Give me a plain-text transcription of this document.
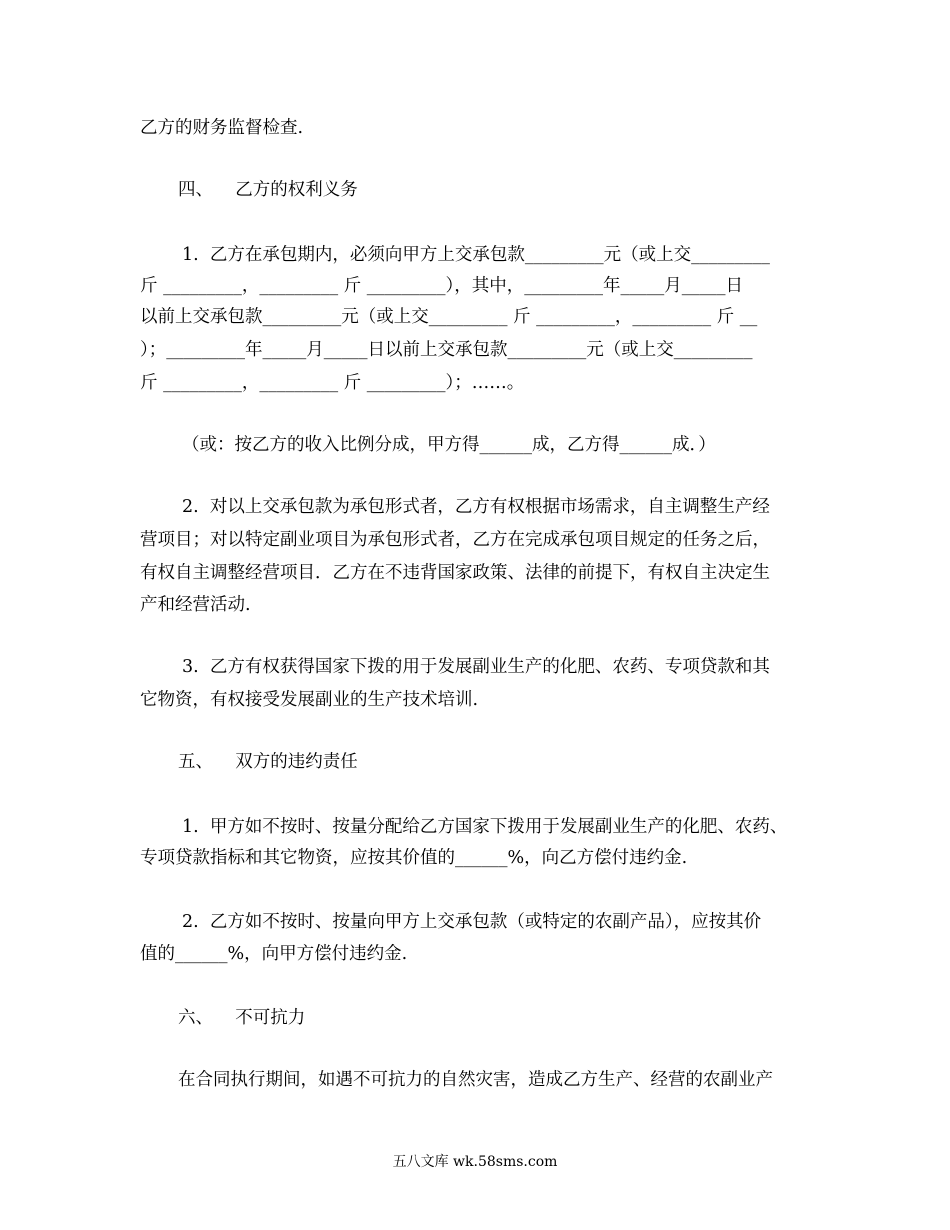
乙方的财务监督检查.
四、    乙方的权利义务
1.  乙方在承包期内，必须向甲方上交承包款_________元（或上交_________
斤 _________，_________ 斤 _________），其中，_________年_____月_____日
以前上交承包款_________元（或上交_________ 斤 _________，_________ 斤 __
）；_________年_____月_____日以前上交承包款_________元（或上交_________
斤 _________，_________ 斤 _________）；……。
（或：按乙方的收入比例分成，甲方得______成，乙方得______成．）
2.  对以上交承包款为承包形式者，乙方有权根据市场需求，自主调整生产经
营项目；对以特定副业项目为承包形式者，乙方在完成承包项目规定的任务之后，
有权自主调整经营项目．乙方在不违背国家政策、法律的前提下，有权自主决定生
产和经营活动.
3.  乙方有权获得国家下拨的用于发展副业生产的化肥、农药、专项贷款和其
它物资，有权接受发展副业的生产技术培训.
五、    双方的违约责任
1.  甲方如不按时、按量分配给乙方国家下拨用于发展副业生产的化肥、农药、
专项贷款指标和其它物资，应按其价值的______%，向乙方偿付违约金.
2.  乙方如不按时、按量向甲方上交承包款（或特定的农副产品），应按其价
值的______%，向甲方偿付违约金.
六、    不可抗力
在合同执行期间，如遇不可抗力的自然灾害，造成乙方生产、经营的农副业产
五八文库 wk.58sms.com
